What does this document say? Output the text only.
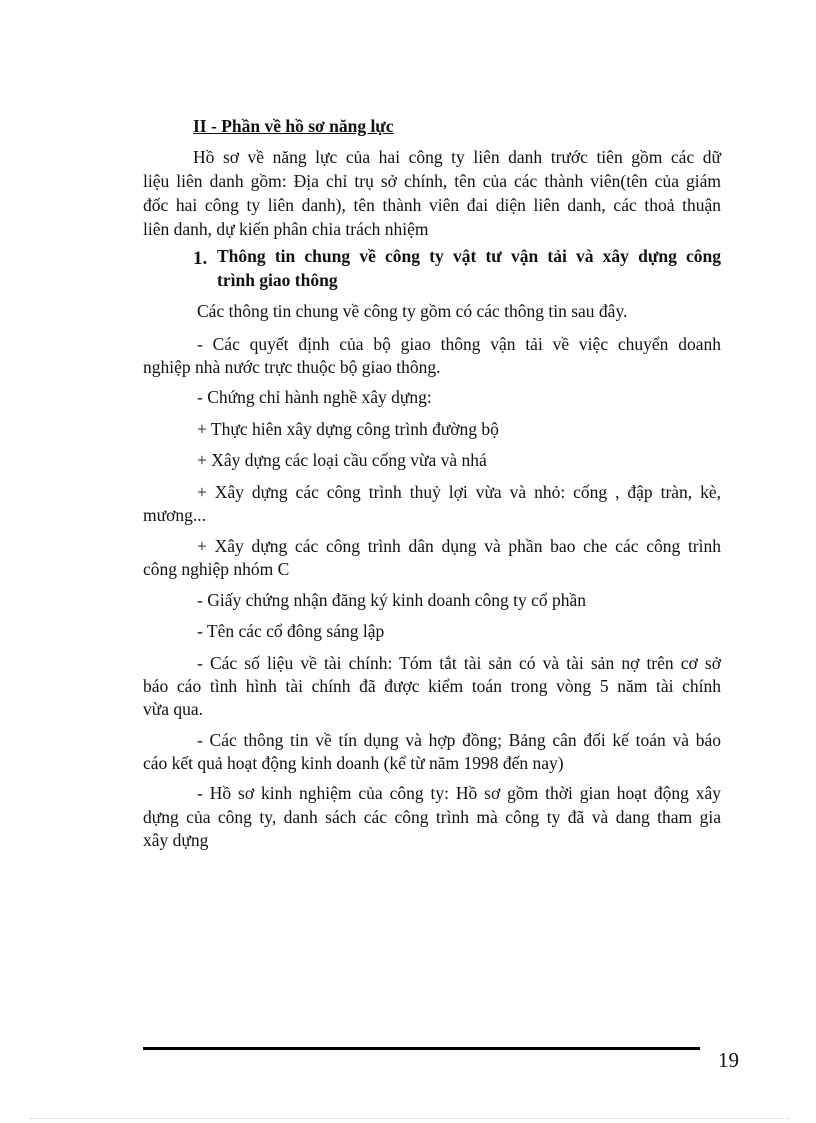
II - Phần về hồ sơ năng lực
Hồ sơ về năng lực của hai công ty liên danh trước tiên gồm các dữ
liệu liên danh gồm: Địa chỉ trụ sở chính, tên của các thành viên(tên của giám
đốc hai công ty liên danh), tên thành viên đai diện liên danh, các thoả thuận
liên danh, dự kiến phân chia trách nhiệm
1. Thông tin chung về công ty vật tư vận tải và xây dựng công
trình giao thông
Các thông tin chung về công ty gồm có các thông tin sau đây.
- Các quyết định của bộ giao thông vận tải về việc chuyển doanh
nghiệp nhà nước trực thuộc bộ giao thông.
- Chứng chỉ hành nghề xây dựng:
+ Thực hiên xây dựng công trình đường bộ
+ Xây dựng các loại cầu cống vừa và nhá
+ Xây dựng các công trình thuỷ lợi vừa và nhỏ: cống , đập tràn, kè,
mương...
+ Xây dựng các công trình dân dụng và phần bao che các công trình
công nghiệp nhóm C
- Giấy chứng nhận đăng ký kinh doanh công ty cổ phần
- Tên các cổ đông sáng lập
- Các số liệu về tài chính: Tóm tắt tài sản có và tài sản nợ trên cơ sở
báo cáo tình hình tài chính đã được kiểm toán trong vòng 5 năm tài chính
vừa qua.
- Các thông tin về tín dụng và hợp đồng; Bảng cân đối kế toán và báo
cáo kết quả hoạt động kinh doanh (kể từ năm 1998 đến nay)
- Hồ sơ kinh nghiệm của công ty: Hồ sơ gồm thời gian hoạt động xây
dựng của công ty, danh sách các công trình mà công ty đã và dang tham gia
xây dựng
19
